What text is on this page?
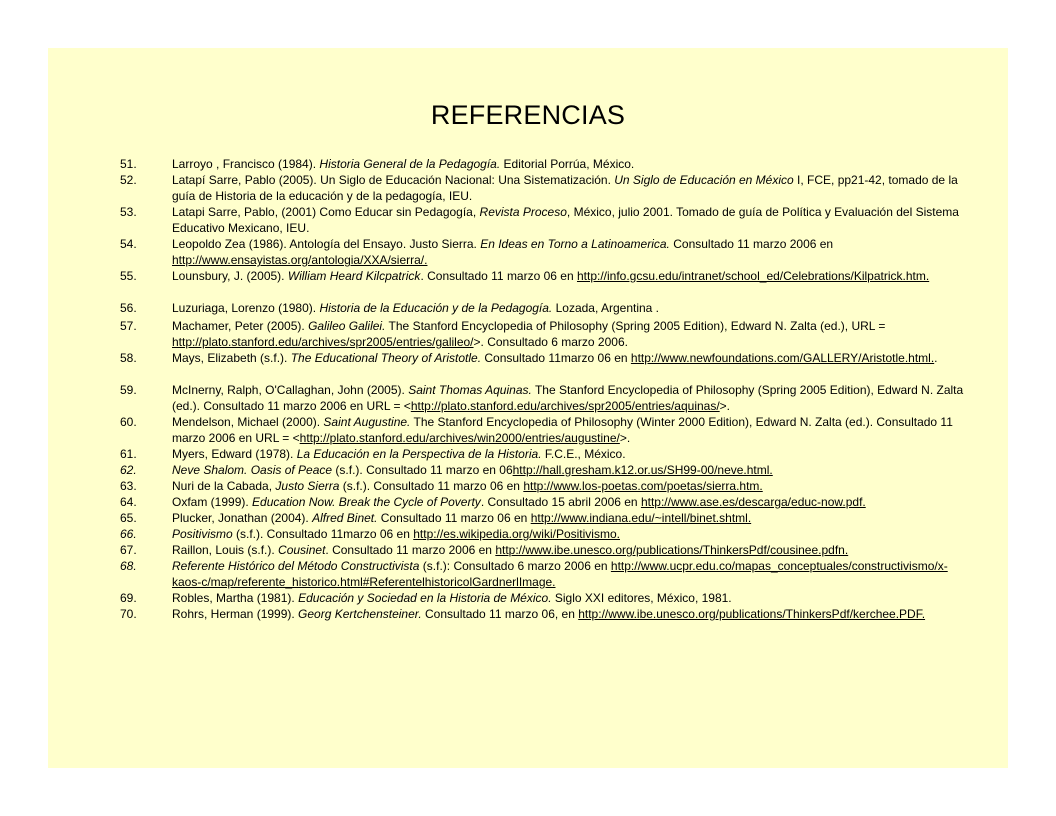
REFERENCIAS
51.	Larroyo , Francisco (1984). Historia General de la Pedagogía. Editorial Porrúa, México.
52.	Latapí Sarre, Pablo (2005). Un Siglo de Educación Nacional: Una Sistematización. Un Siglo de Educación en México I, FCE, pp21-42, tomado de la guía de Historia de la educación y de la pedagogía, IEU.
53.	Latapi Sarre, Pablo, (2001) Como Educar sin Pedagogía, Revista Proceso, México, julio 2001. Tomado de guía de Política y Evaluación del Sistema Educativo Mexicano, IEU.
54.	Leopoldo Zea (1986). Antología del Ensayo. Justo Sierra. En Ideas en Torno a Latinoamerica. Consultado 11 marzo 2006 en http://www.ensayistas.org/antologia/XXA/sierra/.
55.	Lounsbury, J. (2005). William Heard Kilcpatrick. Consultado 11 marzo 06 en http://info.gcsu.edu/intranet/school_ed/Celebrations/Kilpatrick.htm.
56.	Luzuriaga, Lorenzo (1980). Historia de la Educación y de la Pedagogía. Lozada, Argentina .
57.	Machamer, Peter (2005). Galileo Galilei. The Stanford Encyclopedia of Philosophy (Spring 2005 Edition), Edward N. Zalta (ed.), URL = http://plato.stanford.edu/archives/spr2005/entries/galileo/>. Consultado 6 marzo 2006.
58.	Mays, Elizabeth (s.f.). The Educational Theory of Aristotle. Consultado 11marzo 06 en http://www.newfoundations.com/GALLERY/Aristotle.html..
59.	McInerny, Ralph, O'Callaghan, John (2005). Saint Thomas Aquinas. The Stanford Encyclopedia of Philosophy (Spring 2005 Edition), Edward N. Zalta (ed.). Consultado 11 marzo 2006 en URL = <http://plato.stanford.edu/archives/spr2005/entries/aquinas/>.
60.	Mendelson, Michael (2000). Saint Augustine. The Stanford Encyclopedia of Philosophy (Winter 2000 Edition), Edward N. Zalta (ed.). Consultado 11 marzo 2006 en URL = <http://plato.stanford.edu/archives/win2000/entries/augustine/>.
61.	Myers, Edward (1978). La Educación en la Perspectiva de la Historia. F.C.E., México.
62.	Neve Shalom. Oasis of Peace (s.f.). Consultado 11 marzo en 06http://hall.gresham.k12.or.us/SH99-00/neve.html.
63.	Nuri de la Cabada, Justo Sierra (s.f.). Consultado 11 marzo 06 en http://www.los-poetas.com/poetas/sierra.htm.
64.	Oxfam (1999). Education Now. Break the Cycle of Poverty. Consultado 15 abril 2006 en http://www.ase.es/descarga/educ-now.pdf.
65.	Plucker, Jonathan (2004). Alfred Binet. Consultado 11 marzo 06 en http://www.indiana.edu/~intell/binet.shtml.
66.	Positivismo (s.f.). Consultado 11marzo 06 en http://es.wikipedia.org/wiki/Positivismo.
67.	Raillon, Louis (s.f.). Cousinet. Consultado 11 marzo 2006 en http://www.ibe.unesco.org/publications/ThinkersPdf/cousinee.pdfn.
68.	Referente Histórico del Método Constructivista (s.f.): Consultado 6 marzo 2006 en http://www.ucpr.edu.co/mapas_conceptuales/constructivismo/x-kaos-c/map/referente_historico.html#ReferentelhistoricolGardnerlImage.
69.	Robles, Martha (1981). Educación y Sociedad en la Historia de México. Siglo XXI editores, México, 1981.
70.	Rohrs, Herman (1999). Georg Kertchensteiner. Consultado 11 marzo 06, en http://www.ibe.unesco.org/publications/ThinkersPdf/kerchee.PDF.
